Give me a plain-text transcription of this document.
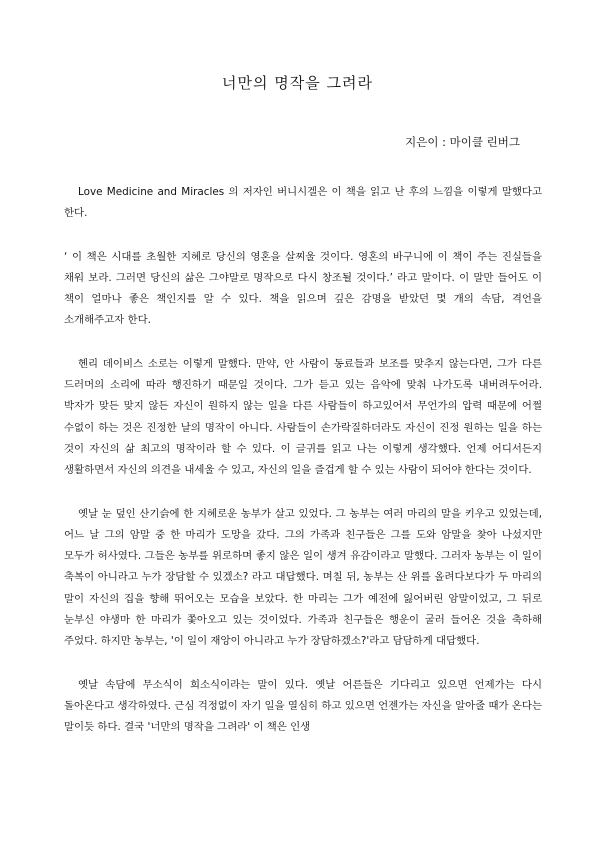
너만의 명작을 그려라

지은이 : 마이클 린버그

Love Medicine and Miracles 의 저자인 버니시겔은 이 책을 읽고 난 후의 느낌을 이렇게 말했다고 한다.

‘ 이 책은 시대를 초월한 지혜로 당신의 영혼을 살찌울 것이다. 영혼의 바구니에 이 책이 주는 진실들을 채워 보라. 그러면 당신의 삶은 그야말로 명작으로 다시 창조될 것이다.’ 라고 말이다. 이 말만 들어도 이 책이 얼마나 좋은 책인지를 알 수 있다. 책을 읽으며 깊은 감명을 받았던 몇 개의 속담, 격언을 소개해주고자 한다.

헨리 데이비스 소로는 이렇게 말했다. 만약, 안 사람이 동료들과 보조를 맞추지 않는다면, 그가 다른 드러머의 소리에 따라 행진하기 때문일 것이다. 그가 듣고 있는 음악에 맞춰 나가도록 내버려두어라. 박자가 맞든 맞지 않든 자신이 원하지 않는 일을 다른 사람들이 하고있어서 무언가의 압력 때문에 어쩔 수없이 하는 것은 진정한 날의 명작이 아니다. 사람들이 손가락질하더라도 자신이 진정 원하는 일을 하는 것이 자신의 삶 최고의 명작이라 할 수 있다. 이 글귀를 읽고 나는 이렇게 생각했다. 언제 어디서든지 생활하면서 자신의 의견을 내세울 수 있고, 자신의 일을 즐겁게 할 수 있는 사람이 되어야 한다는 것이다.

옛날 눈 덮인 산기슭에 한 지혜로운 농부가 살고 있었다. 그 농부는 여러 마리의 말을 키우고 있었는데, 어느 날 그의 암말 중 한 마리가 도망을 갔다. 그의 가족과 친구들은 그를 도와 암말을 찾아 나섰지만 모두가 허사였다. 그들은 농부를 위로하며 좋지 않은 일이 생겨 유감이라고 말했다. 그러자 농부는 이 일이 축복이 아니라고 누가 장담할 수 있겠소? 라고 대답했다. 며칠 뒤, 농부는 산 위를 올려다보다가 두 마리의 말이 자신의 집을 향해 뛰어오는 모습을 보았다. 한 마리는 그가 예전에 잃어버린 암말이었고, 그 뒤로 눈부신 야생마 한 마리가 쫓아오고 있는 것이었다. 가족과 친구들은 행운이 굴러 들어온 것을 축하해 주었다. 하지만 농부는, '이 일이 재앙이 아니라고 누가 장담하겠소?'라고 담담하게 대답했다.

옛날 속담에 무소식이 희소식이라는 말이 있다. 옛날 어른들은 기다리고 있으면 언제가는 다시 돌아온다고 생각하였다. 근심 걱정없이 자기 일을 열심히 하고 있으면 언젠가는 자신을 알아줄 때가 온다는 말이듯 하다. 결국 '너만의 명작을 그려라' 이 책은 인생
